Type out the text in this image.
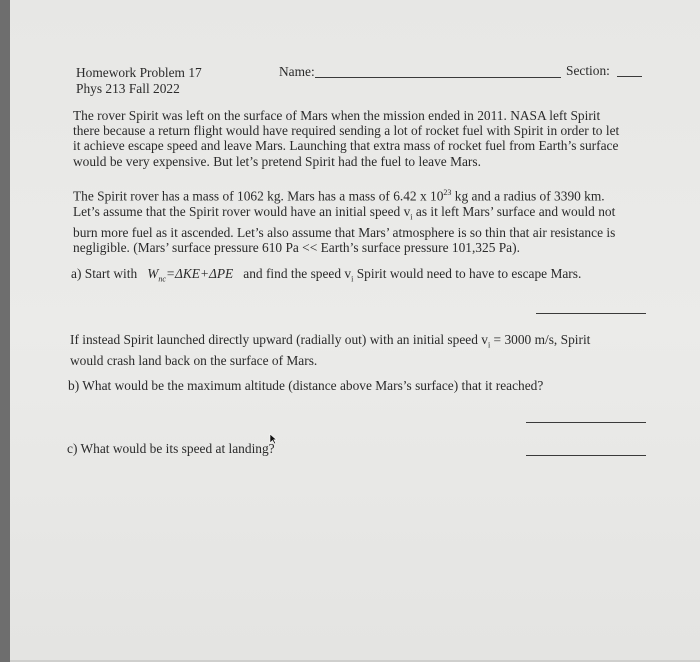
Homework Problem 17
Phys 213 Fall 2022
Name:	Section:
The rover Spirit was left on the surface of Mars when the mission ended in 2011. NASA left Spirit
there because a return flight would have required sending a lot of rocket fuel with Spirit in order to let
it achieve escape speed and leave Mars. Launching that extra mass of rocket fuel from Earth’s surface
would be very expensive. But let’s pretend Spirit had the fuel to leave Mars.
The Spirit rover has a mass of 1062 kg. Mars has a mass of 6.42 x $10^{23}$ kg and a radius of 3390 km.
Let’s assume that the Spirit rover would have an initial speed $v_i$ as it left Mars’ surface and would not
burn more fuel as it ascended. Let’s also assume that Mars’ atmosphere is so thin that air resistance is
negligible. (Mars’ surface pressure 610 Pa << Earth’s surface pressure 101,325 Pa).
a) Start with $W_{nc}=\Delta KE+\Delta PE$ and find the speed $v_i$ Spirit would need to have to escape Mars.
If instead Spirit launched directly upward (radially out) with an initial speed $v_i = 3000$ m/s, Spirit
would crash land back on the surface of Mars.
b) What would be the maximum altitude (distance above Mars’s surface) that it reached?
c) What would be its speed at landing?
